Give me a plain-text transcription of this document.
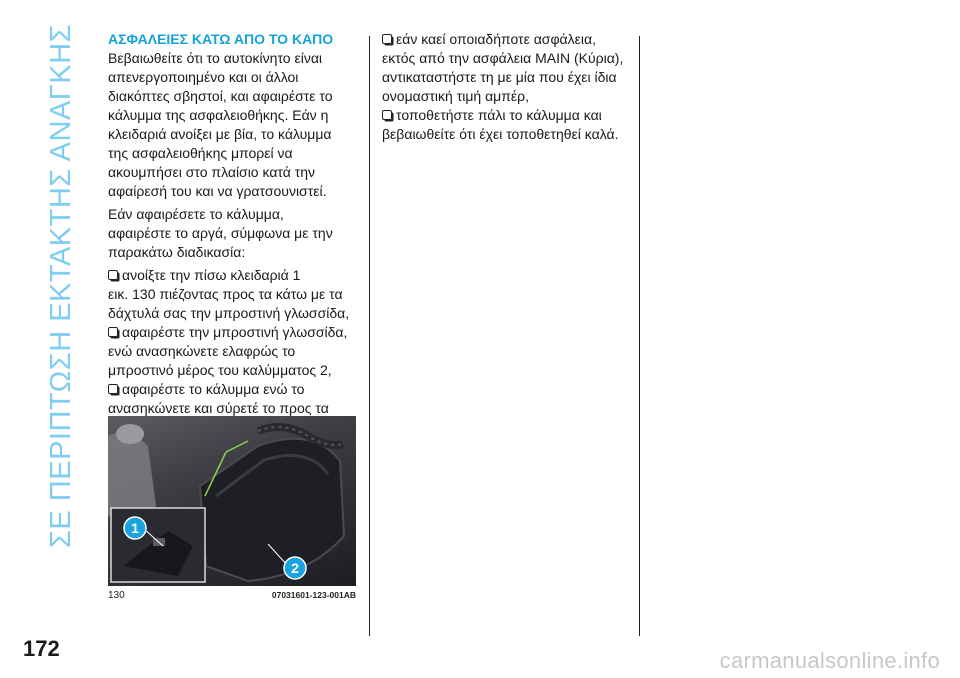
ΣΕ ΠΕΡΙΠΤΩΣΗ ΕΚΤΑΚΤΗΣ ΑΝΑΓΚΗΣ ΑΣΦΑΛΕΙΕΣ ΚΑΤΩ ΑΠΟ ΤΟ ΚΑΠΟ

Βεβαιωθείτε ότι το αυτοκίνητο είναι

απενεργοποιημένο και οι άλλοι

διακόπτες σβηστοί, και αφαιρέστε το

κάλυμμα της ασφαλειοθήκης. Εάν η

κλειδαριά ανοίξει με βία, το κάλυμμα

της ασφαλειοθήκης μπορεί να

ακουμπήσει στο πλαίσιο κατά την

αφαίρεσή του και να γρατσουνιστεί.

Εάν αφαιρέσετε το κάλυμμα,

αφαιρέστε το αργά, σύμφωνα με την

παρακάτω διαδικασία:

ανοίξτε την πίσω κλειδαριά 1

εικ. 130 πιέζοντας προς τα κάτω με τα

δάχτυλά σας την μπροστινή γλωσσίδα,

αφαιρέστε την μπροστινή γλωσσίδα,

ενώ ανασηκώνετε ελαφρώς το

μπροστινό μέρος του καλύμματος 2,

αφαιρέστε το κάλυμμα ενώ το

ανασηκώνετε και σύρετέ το προς τα

εάν καεί οποιαδήποτε ασφάλεια,

εκτός από την ασφάλεια MAIN (Κύρια),

αντικαταστήστε τη με μία που έχει ίδια

ονομαστική τιμή αμπέρ,

τοποθετήστε πάλι το κάλυμμα και

βεβαιωθείτε ότι έχει τοποθετηθεί καλά.

1
2
130	07031601-123-001AB
172	carmanualsonline.info
